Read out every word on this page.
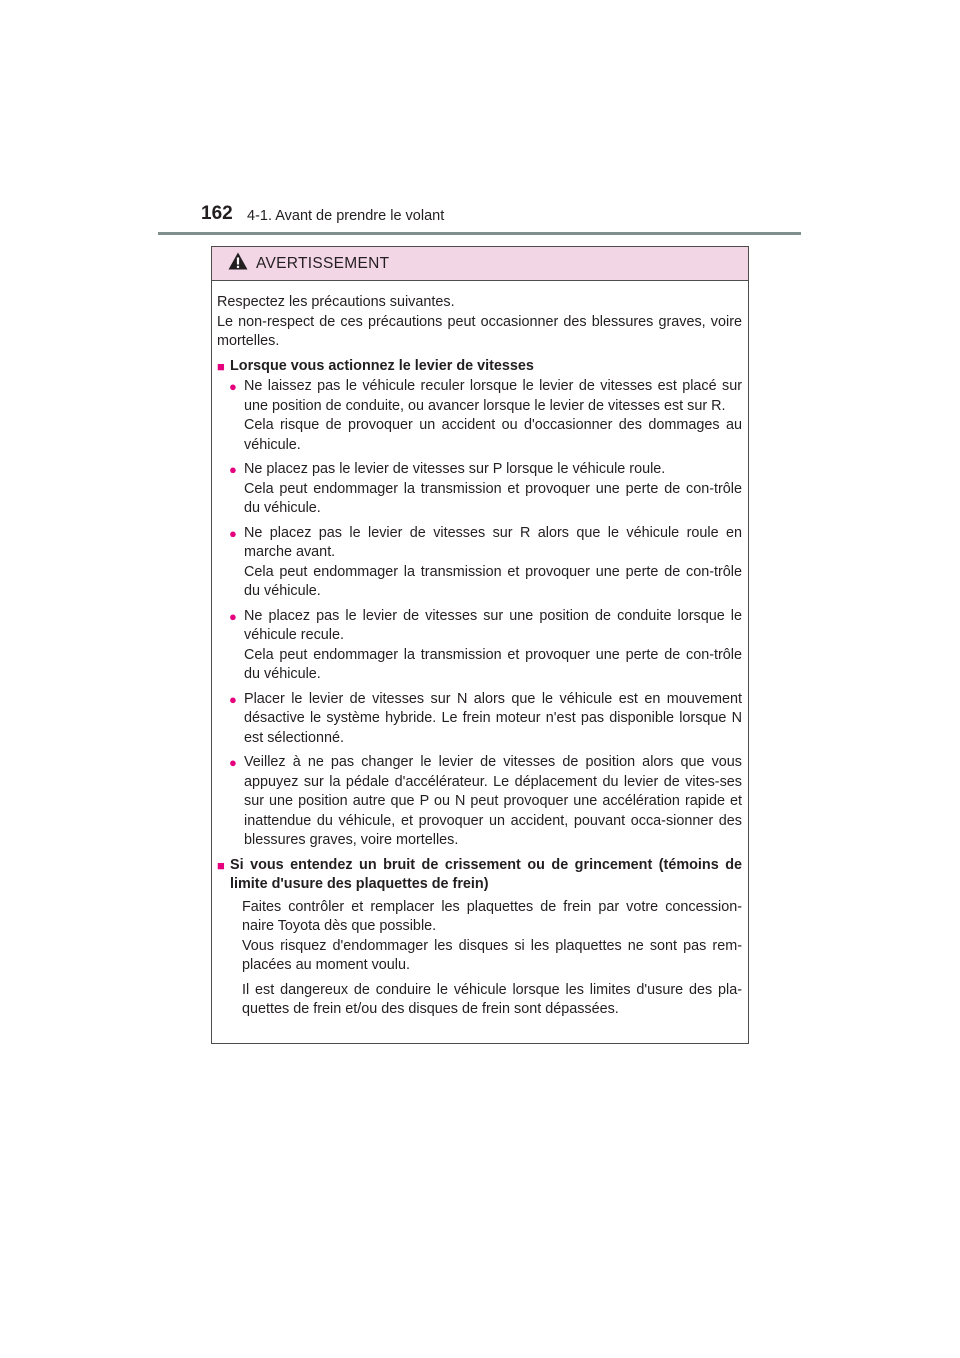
162 4-1. Avant de prendre le volant
AVERTISSEMENT

Respectez les précautions suivantes.
Le non-respect de ces précautions peut occasionner des blessures graves, voire mortelles.

■ Lorsque vous actionnez le levier de vitesses
● Ne laissez pas le véhicule reculer lorsque le levier de vitesses est placé sur une position de conduite, ou avancer lorsque le levier de vitesses est sur R.
Cela risque de provoquer un accident ou d'occasionner des dommages au véhicule.
● Ne placez pas le levier de vitesses sur P lorsque le véhicule roule.
Cela peut endommager la transmission et provoquer une perte de con-trôle du véhicule.
● Ne placez pas le levier de vitesses sur R alors que le véhicule roule en marche avant.
Cela peut endommager la transmission et provoquer une perte de con-trôle du véhicule.
● Ne placez pas le levier de vitesses sur une position de conduite lorsque le véhicule recule.
Cela peut endommager la transmission et provoquer une perte de con-trôle du véhicule.
● Placer le levier de vitesses sur N alors que le véhicule est en mouvement désactive le système hybride. Le frein moteur n'est pas disponible lorsque N est sélectionné.
● Veillez à ne pas changer le levier de vitesses de position alors que vous appuyez sur la pédale d'accélérateur. Le déplacement du levier de vites-ses sur une position autre que P ou N peut provoquer une accélération rapide et inattendue du véhicule, et provoquer un accident, pouvant occa-sionner des blessures graves, voire mortelles.
■ Si vous entendez un bruit de crissement ou de grincement (témoins de limite d'usure des plaquettes de frein)

Faites contrôler et remplacer les plaquettes de frein par votre concession-naire Toyota dès que possible.
Vous risquez d'endommager les disques si les plaquettes ne sont pas rem-placées au moment voulu.

Il est dangereux de conduire le véhicule lorsque les limites d'usure des pla-quettes de frein et/ou des disques de frein sont dépassées.
